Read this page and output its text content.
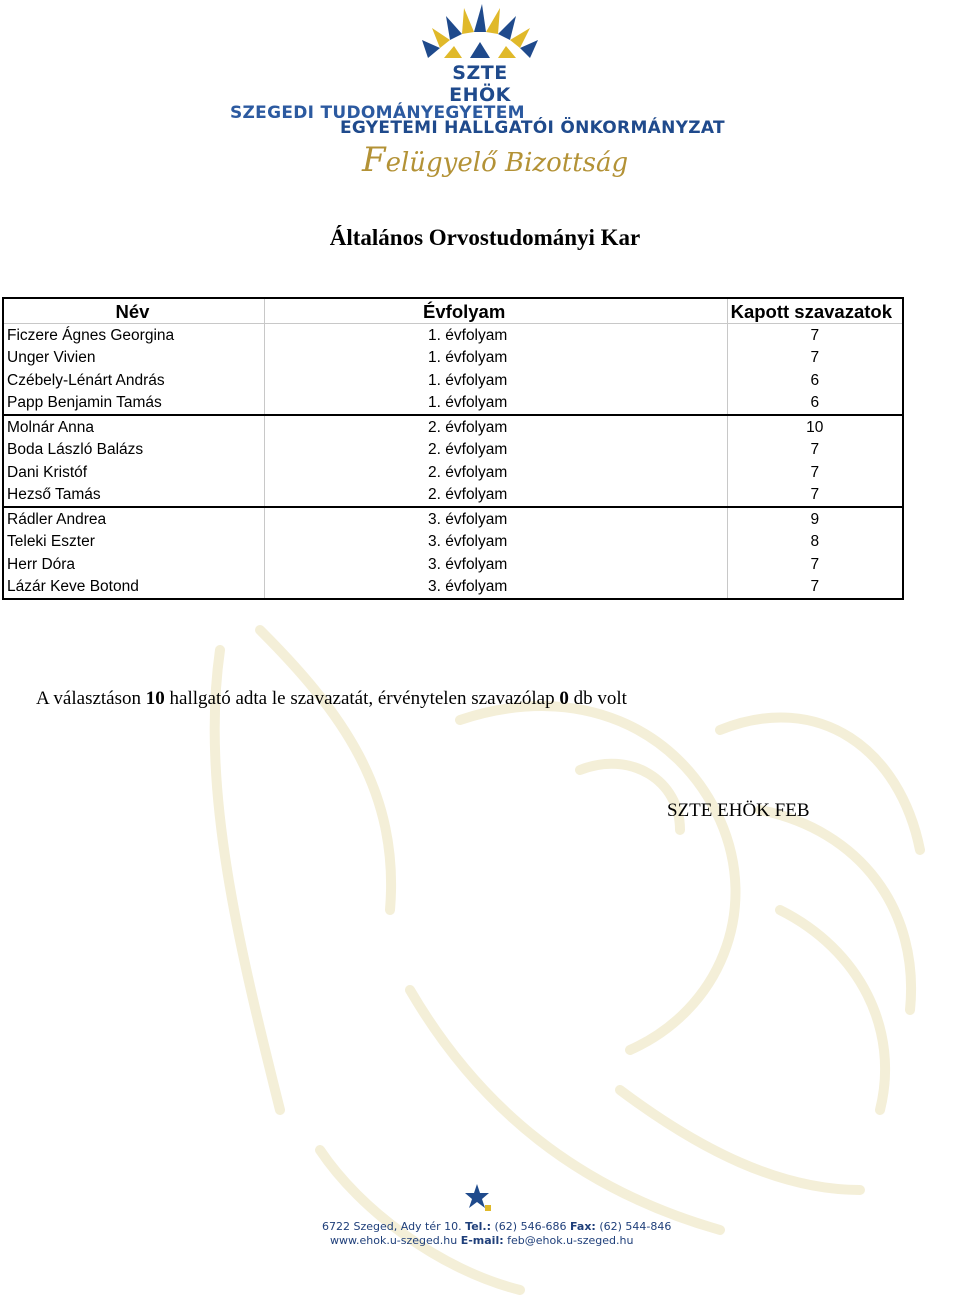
SZTE EHÖK
SZEGEDI TUDOMÁNYEGYETEM
EGYETEMI HALLGATÓI ÖNKORMÁNYZAT
Felügyelő Bizottság
Általános Orvostudományi Kar
Név	Évfolyam	Kapott szavazatok
Ficzere Ágnes Georgina	1. évfolyam	7
Unger Vivien	1. évfolyam	7
Czébely-Lénárt András	1. évfolyam	6
Papp Benjamin Tamás	1. évfolyam	6
Molnár Anna	2. évfolyam	10
Boda László Balázs	2. évfolyam	7
Dani Kristóf	2. évfolyam	7
Hezső Tamás	2. évfolyam	7
Rádler Andrea	3. évfolyam	9
Teleki Eszter	3. évfolyam	8
Herr Dóra	3. évfolyam	7
Lázár Keve Botond	3. évfolyam	7
A választáson 10 hallgató adta le szavazatát, érvénytelen szavazólap 0 db volt
SZTE EHÖK FEB
6722 Szeged, Ady tér 10. Tel.: (62) 546-686 Fax: (62) 544-846
www.ehok.u-szeged.hu E-mail: feb@ehok.u-szeged.hu
